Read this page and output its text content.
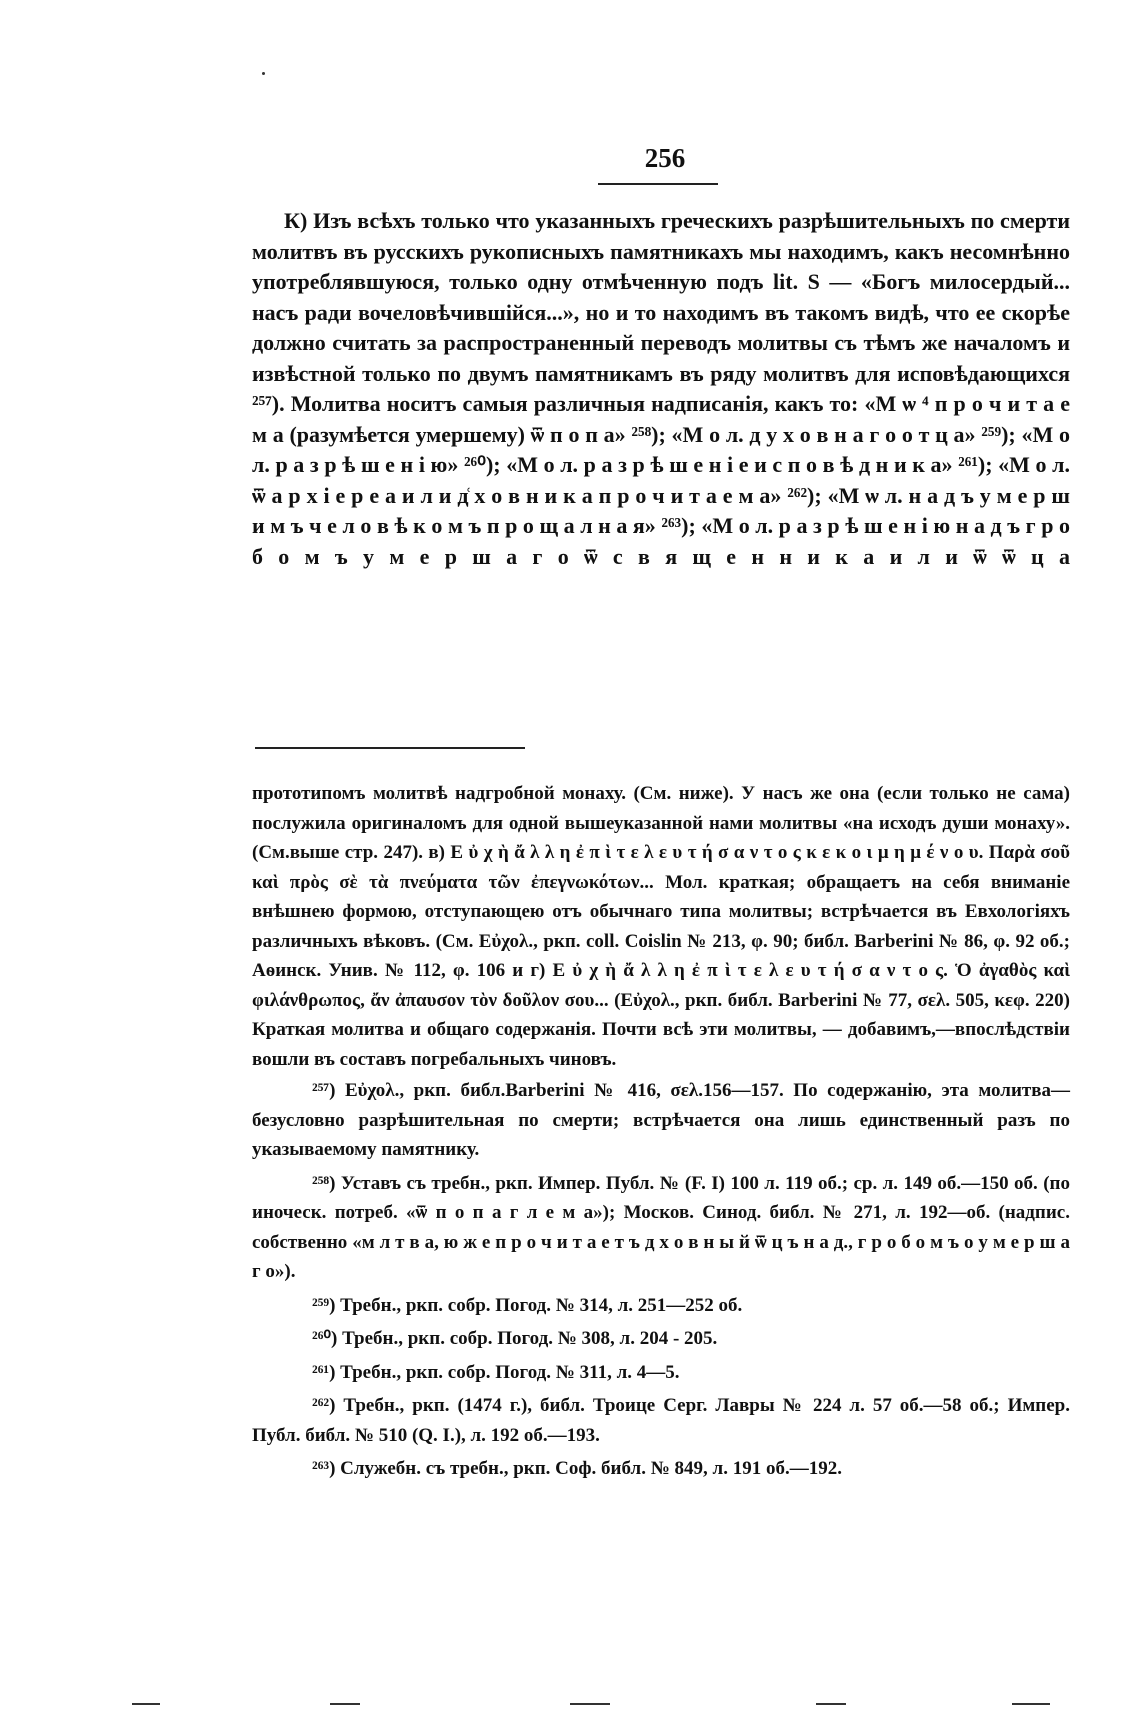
256

К) Изъ всѣхъ только что указанныхъ греческихъ разрѣшительныхъ по смерти молитвъ въ русскихъ рукописныхъ памятникахъ мы находимъ, какъ несомнѣнно употреблявшуюся, только одну отмѣченную подъ lit. S — «Богъ милосердый... насъ ради вочеловѣчившійся...», но и то находимъ въ такомъ видѣ, что ее скорѣе должно считать за распространенный переводъ молитвы съ тѣмъ же началомъ и извѣстной только по двумъ памятникамъ въ ряду молитвъ для исповѣдающихся ²⁵⁷). Молитва носитъ самыя различныя надписанія, какъ то: «М ѡ ⁴ п р о ч и т а е м а (разумѣется умершему) ѿ п о п а» ²⁵⁸); «М о л. д у х о в н а г о о т ц а» ²⁵⁹); «М о л. р а з р ѣ ш е н і ю» ²⁶⁰); «М о л. р а з р ѣ ш е н і е и с п о в ѣ д н и к а» ²⁶¹); «М о л. ѿ а р х і е р е а и л и д͑ х о в н и к а п р о ч и т а е м а» ²⁶²); «М ѡ л. н а д ъ у м е р ш и м ъ ч е л о в ѣ к о м ъ п р о щ а л н а я» ²⁶³); «М о л. р а з р ѣ ш е н і ю н а д ъ г р о б о м ъ у м е р ш а г о ѿ с в я щ е н н и к а и л и ѿ ѿ ц а

прототипомъ молитвѣ надгробной монаху. (См. ниже). У насъ же она (если только не сама) послужила оригиналомъ для одной вышеуказанной нами молитвы «на исходъ души монаху».(См.выше стр. 247). в) Ε ὐ χ ὴ ἄ λ λ η ἐ π ὶ τ ε λ ε υ τ ή σ α ν τ ο ς κ ε κ ο ι μ η μ έ ν ο υ. Παρὰ σοῦ καὶ πρὸς σὲ τὰ πνεύματα τῶν ἐπεγνωκότων... Мол. краткая; обращаетъ на себя вниманіе внѣшнею формою, отступающею отъ обычнаго типа молитвы; встрѣчается въ Евхологіяхъ различныхъ вѣковъ. (См. Εὐχολ., ркп. coll. Coislin № 213, φ. 90; библ. Barberini № 86, φ. 92 об.; Аѳинск. Унив. № 112, φ. 106 и г) Ε ὐ χ ὴ ἄ λ λ η ἐ π ὶ τ ε λ ε υ τ ή σ α ν τ ο ς. Ὁ ἀγαθὸς καὶ φιλάνθρωπος, ἄν ἀπαυσον τὸν δοῦλον σου... (Εὐχολ., ркп. библ. Barberini № 77, σελ. 505, κεφ. 220) Краткая молитва и общаго содержанія. Почти всѣ эти молитвы, — добавимъ,—впослѣдствіи вошли въ составъ погребальныхъ чиновъ.

²⁵⁷) Εὐχολ., ркп. библ.Barberini № 416, σελ.156—157. По содержанію, эта молитва—безусловно разрѣшительная по смерти; встрѣчается она лишь единственный разъ по указываемому памятнику.

²⁵⁸) Уставъ съ требн., ркп. Импер. Публ. № (F. I) 100 л. 119 об.; ср. л. 149 об.—150 об. (по иноческ. потреб. «ѿ п о п а г л е м а»); Москов. Синод. библ. № 271, л. 192—об. (надпис. собственно «м л т в а, ю ж е п р о ч и т а е т ъ д х о в н ы й ѿ ц ъ н а д., г р о б о м ъ о у м е р ш а г о»).

²⁵⁹) Требн., ркп. собр. Погод. № 314, л. 251—252 об.

²⁶⁰) Требн., ркп. собр. Погод. № 308, л. 204 - 205.

²⁶¹) Требн., ркп. собр. Погод. № 311, л. 4—5.

²⁶²) Требн., ркп. (1474 г.), библ. Троице Серг. Лавры № 224 л. 57 об.—58 об.; Импер. Публ. библ. № 510 (Q. I.), л. 192 об.—193.

²⁶³) Служебн. съ требн., ркп. Соф. библ. № 849, л. 191 об.—192.
